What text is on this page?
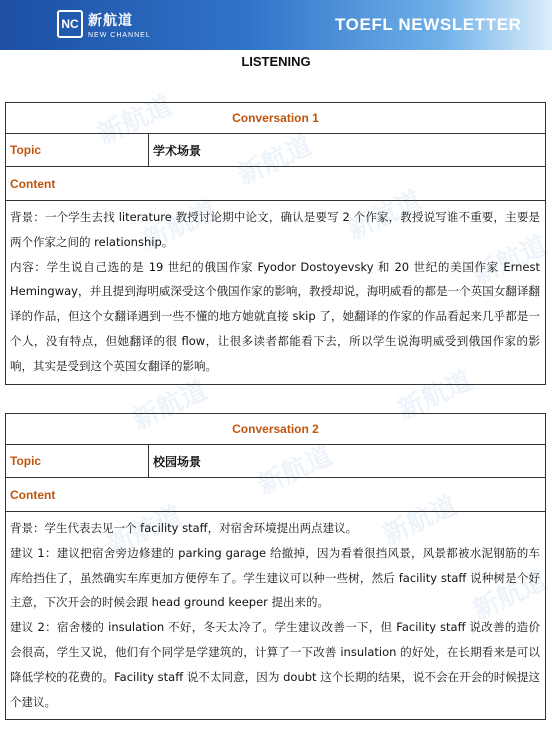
NC 新航道
NEW CHANNEL
TOEFL NEWSLETTER
LISTENING
新航道
新航道
新航道	新航道
新航道
新航道
新航道
新航道
新航道	新航道
新航道
Conversation 1
Topic	学术场景
Content

背景：一个学生去找 literature 教授讨论期中论文，确认是要写 2 个作家，教授说写谁不重要，主要是两个作家之间的 relationship。

内容：学生说自己选的是 19 世纪的俄国作家 Fyodor Dostoyevsky 和 20 世纪的美国作家 Ernest Hemingway，并且提到海明威深受这个俄国作家的影响，教授却说，海明威看的都是一个英国女翻译翻译的作品，但这个女翻译遇到一些不懂的地方她就直接 skip 了，她翻译的作家的作品看起来几乎都是一个人，没有特点，但她翻译的很 flow，让很多读者都能看下去，所以学生说海明威受到俄国作家的影响，其实是受到这个英国女翻译的影响。

Conversation 2
Topic	校园场景
Content

背景：学生代表去见一个 facility staff，对宿舍环境提出两点建议。

建议 1：建议把宿舍旁边修建的 parking garage 给撤掉，因为看着很挡风景，风景都被水泥钢筋的车库给挡住了，虽然确实车库更加方便停车了。学生建议可以种一些树，然后 facility staff 说种树是个好主意，下次开会的时候会跟 head ground keeper 提出来的。

建议 2：宿舍楼的 insulation 不好，冬天太冷了。学生建议改善一下，但 Facility staff 说改善的造价会很高，学生又说，他们有个同学是学建筑的，计算了一下改善 insulation 的好处，在长期看来是可以降低学校的花费的。Facility staff 说不太同意，因为 doubt 这个长期的结果，说不会在开会的时候提这个建议。
